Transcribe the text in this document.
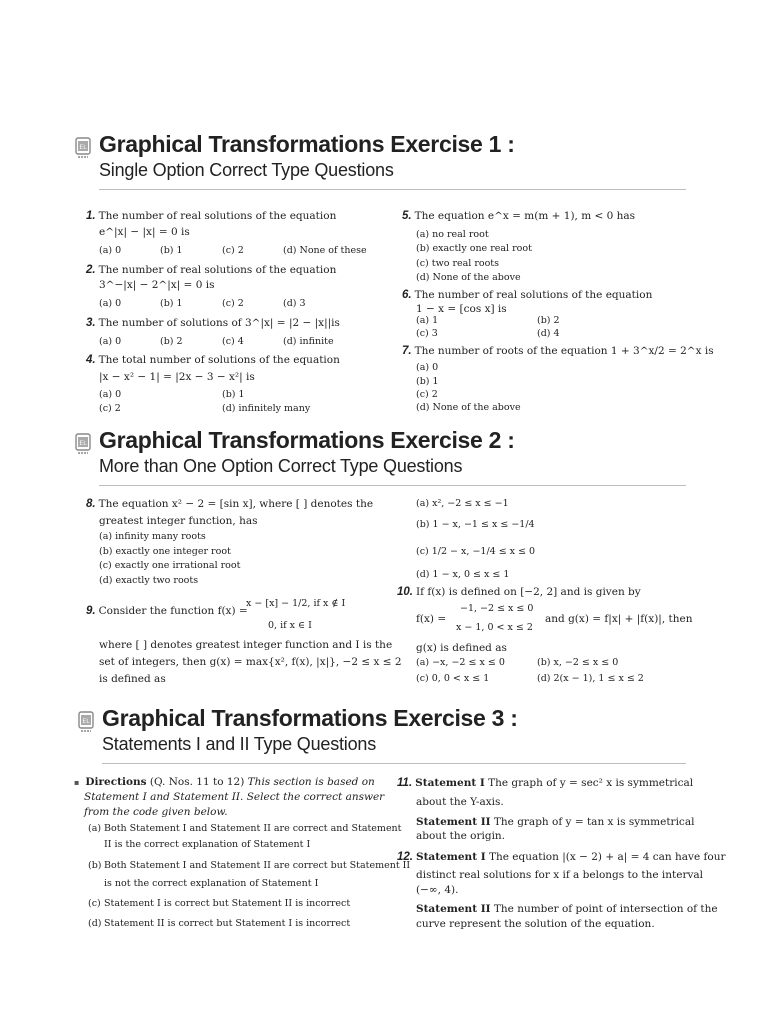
EL Graphical Transformations Exercise 1 :
Single Option Correct Type Questions
1. The number of real solutions of the equation
e^|x| − |x| = 0 is
(a) 0	(b) 1	(c) 2	(d) None of these
2. The number of real solutions of the equation
3^−|x| − 2^|x| = 0 is
(a) 0	(b) 1	(c) 2	(d) 3
3. The number of solutions of 3^|x| = |2 − |x||is
(a) 0	(b) 2	(c) 4	(d) infinite
4. The total number of solutions of the equation
|x − x² − 1| = |2x − 3 − x²| is
(a) 0	(b) 1
(c) 2	(d) infinitely many
5. The equation e^x = m(m + 1), m < 0 has
(a) no real root
(b) exactly one real root
(c) two real roots
(d) None of the above
6. The number of real solutions of the equation
1 − x = [cos x] is
(a) 1	(b) 2
(c) 3	(d) 4
7. The number of roots of the equation 1 + 3^x/2 = 2^x is
(a) 0
(b) 1
(c) 2
(d) None of the above
EL Graphical Transformations Exercise 2 :
More than One Option Correct Type Questions
8. The equation x² − 2 = [sin x], where [ ] denotes the
greatest integer function, has
(a) infinity many roots
(b) exactly one integer root
(c) exactly one irrational root
(d) exactly two roots
9. Consider the function f(x) =
x − [x] − 1/2, if x ∉ I
0, if x ∈ I
where [ ] denotes greatest integer function and I is the
set of integers, then g(x) = max{x², f(x), |x|}, −2 ≤ x ≤ 2
is defined as
(a) x², −2 ≤ x ≤ −1
(b) 1 − x, −1 ≤ x ≤ −1/4
(c) 1/2 − x, −1/4 ≤ x ≤ 0
(d) 1 − x, 0 ≤ x ≤ 1
10. If f(x) is defined on [−2, 2] and is given by
f(x) =
−1, −2 ≤ x ≤ 0
x − 1, 0 < x ≤ 2
and g(x) = f|x| + |f(x)|, then
g(x) is defined as
(a) −x, −2 ≤ x ≤ 0	(b) x, −2 ≤ x ≤ 0
(c) 0, 0 < x ≤ 1	(d) 2(x − 1), 1 ≤ x ≤ 2
EL Graphical Transformations Exercise 3 :
Statements I and II Type Questions
▪ Directions (Q. Nos. 11 to 12) This section is based on
Statement I and Statement II. Select the correct answer
from the code given below.
(a) Both Statement I and Statement II are correct and Statement
II is the correct explanation of Statement I
(b) Both Statement I and Statement II are correct but Statement II
is not the correct explanation of Statement I
(c) Statement I is correct but Statement II is incorrect
(d) Statement II is correct but Statement I is incorrect
11. Statement I The graph of y = sec² x is symmetrical
about the Y-axis.
Statement II The graph of y = tan x is symmetrical
about the origin.
12. Statement I The equation |(x − 2) + a| = 4 can have four
distinct real solutions for x if a belongs to the interval
(−∞, 4).
Statement II The number of point of intersection of the
curve represent the solution of the equation.
